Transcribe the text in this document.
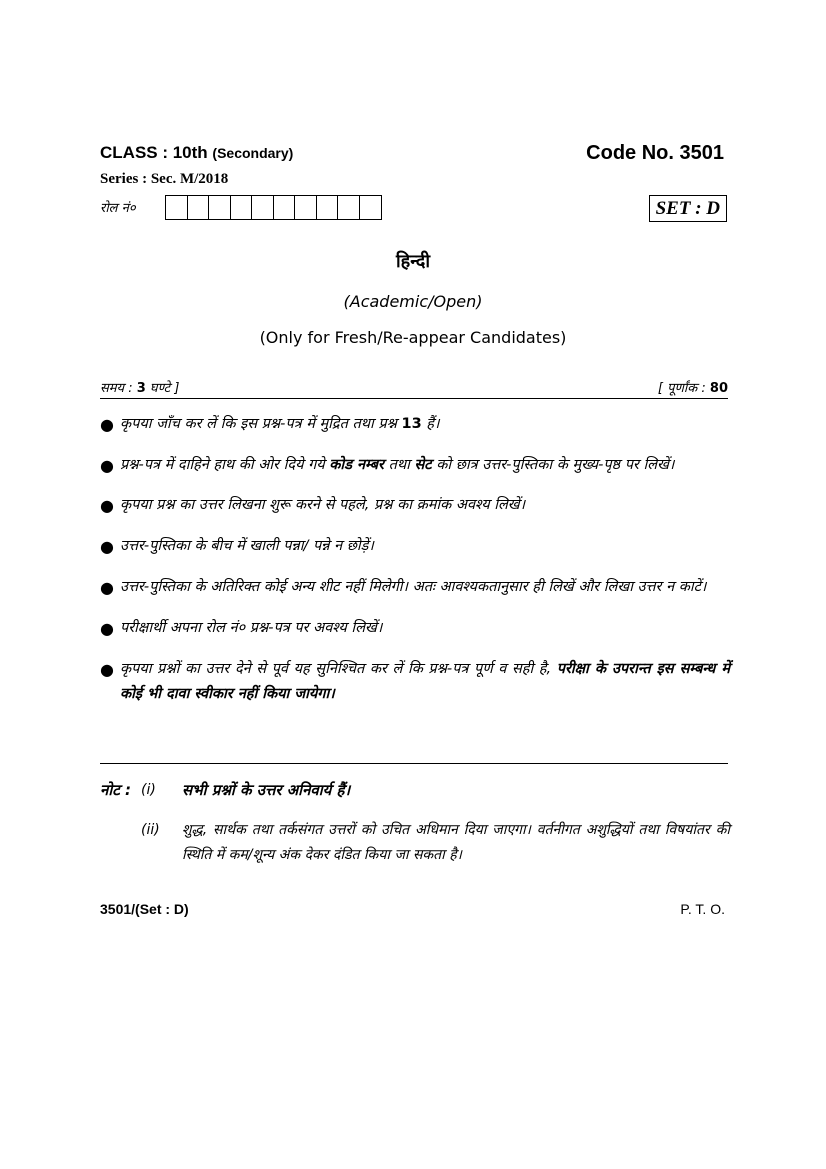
CLASS : 10th (Secondary)	Code No. 3501
Series : Sec. M/2018
रोल नं०	SET : D
हिन्दी
(Academic/Open)
(Only for Fresh/Re-appear Candidates)
समय : 3 घण्टे ]	[ पूर्णांक : 80
● कृपया जाँच कर लें कि इस प्रश्न-पत्र में मुद्रित तथा प्रश्न 13 हैं।
● प्रश्न-पत्र में दाहिने हाथ की ओर दिये गये कोड नम्बर तथा सेट को छात्र उत्तर-पुस्तिका के मुख्य-पृष्ठ पर लिखें।
● कृपया प्रश्न का उत्तर लिखना शुरू करने से पहले, प्रश्न का क्रमांक अवश्य लिखें।
● उत्तर-पुस्तिका के बीच में खाली पन्ना/ पन्ने न छोड़ें।
● उत्तर-पुस्तिका के अतिरिक्त कोई अन्य शीट नहीं मिलेगी। अतः आवश्यकतानुसार ही लिखें और लिखा उत्तर न काटें।
● परीक्षार्थी अपना रोल नं० प्रश्न-पत्र पर अवश्य लिखें।
● कृपया प्रश्नों का उत्तर देने से पूर्व यह सुनिश्चित कर लें कि प्रश्न-पत्र पूर्ण व सही है, परीक्षा के उपरान्त इस सम्बन्ध में कोई भी दावा स्वीकार नहीं किया जायेगा।
नोट : (i) सभी प्रश्नों के उत्तर अनिवार्य हैं।
(ii) शुद्ध, सार्थक तथा तर्कसंगत उत्तरों को उचित अधिमान दिया जाएगा। वर्तनीगत अशुद्धियों तथा विषयांतर की स्थिति में कम/शून्य अंक देकर दंडित किया जा सकता है।
3501/(Set : D)	P. T. O.
